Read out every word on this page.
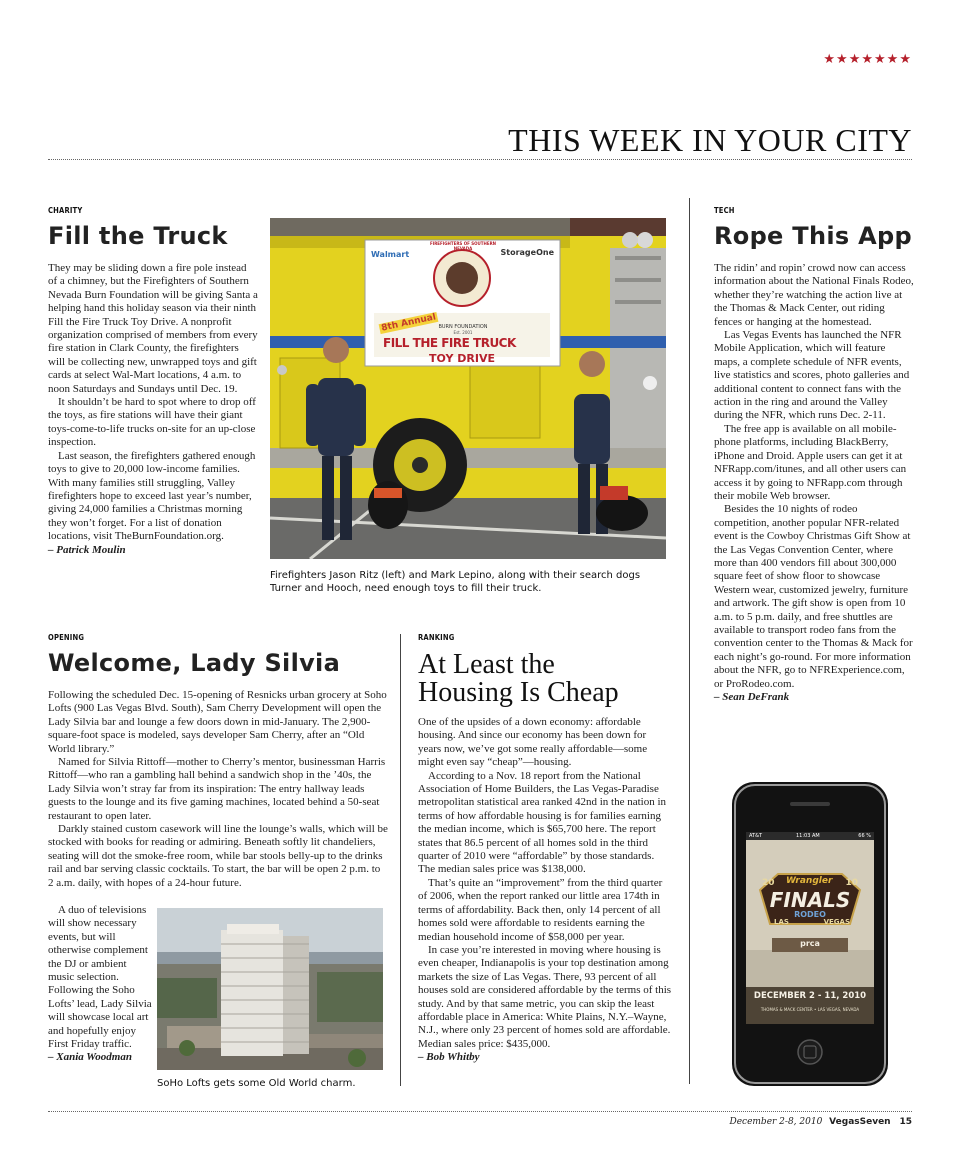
★★★★★★★
THIS WEEK IN YOUR CITY
CHARITY
Fill the Truck

They may be sliding down a fire pole instead of a chimney, but the Firefighters of Southern Nevada Burn Foundation will be giving Santa a helping hand this holiday season via their ninth Fill the Fire Truck Toy Drive. A nonprofit organization comprised of members from every fire station in Clark County, the firefighters will be collecting new, unwrapped toys and gift cards at select Wal-Mart locations, 4 a.m. to noon Saturdays and Sundays until Dec. 19.

It shouldn’t be hard to spot where to drop off the toys, as fire stations will have their giant toys-come-to-life trucks on-site for an up-close inspection.

Last season, the firefighters gathered enough toys to give to 20,000 low-income families. With many families still struggling, Valley firefighters hope to exceed last year’s number, giving 24,000 families a Christmas morning they won’t forget. For a list of donation locations, visit TheBurnFoundation.org.

– Patrick Moulin

Walmart	StorageOne
FIREFIGHTERS OF SOUTHERN NEVADA
BURN FOUNDATION
Est. 2001
8th Annual
FILL THE FIRE TRUCK
TOY DRIVE
Firefighters Jason Ritz (left) and Mark Lepino, along with their search dogs Turner and Hooch, need enough toys to fill their truck.
TECH
Rope This App

The ridin’ and ropin’ crowd now can access information about the National Finals Rodeo, whether they’re watching the action live at the Thomas & Mack Center, out riding fences or hanging at the homestead.

Las Vegas Events has launched the NFR Mobile Application, which will feature maps, a complete schedule of NFR events, live statistics and scores, photo galleries and additional content to connect fans with the action in the ring and around the Valley during the NFR, which runs Dec. 2-11.

The free app is available on all mobile-phone platforms, including BlackBerry, iPhone and Droid. Apple users can get it at NFRapp.com/itunes, and all other users can access it by going to NFRapp.com through their mobile Web browser.

Besides the 10 nights of rodeo competition, another popular NFR-related event is the Cowboy Christmas Gift Show at the Las Vegas Convention Center, where more than 400 vendors fill about 300,000 square feet of show floor to showcase Western wear, customized jewelry, furniture and artwork. The gift show is open from 10 a.m. to 5 p.m. daily, and free shuttles are available to transport rodeo fans from the convention center to the Thomas & Mack for each night’s go-round. For more information about the NFR, go to NFRExperience.com, or ProRodeo.com.

– Sean DeFrank

AT&T	11:03 AM	66 %
20 Wrangler 10
FINALS
RODEO
LAS	VEGAS
prca
DECEMBER 2 - 11, 2010
THOMAS & MACK CENTER • LAS VEGAS, NEVADA
OPENING
Welcome, Lady Silvia

Following the scheduled Dec. 15-opening of Resnicks urban grocery at Soho Lofts (900 Las Vegas Blvd. South), Sam Cherry Development will open the Lady Silvia bar and lounge a few doors down in mid-January. The 2,900-square-foot space is modeled, says developer Sam Cherry, after an “Old World library.”

Named for Silvia Rittoff—mother to Cherry’s mentor, businessman Harris Rittoff—who ran a gambling hall behind a sandwich shop in the ’40s, the Lady Silvia won’t stray far from its inspiration: The entry hallway leads guests to the lounge and its five gaming machines, located behind a 50-seat restaurant to open later.

Darkly stained custom casework will line the lounge’s walls, which will be stocked with books for reading or admiring. Beneath softly lit chandeliers, seating will dot the smoke-free room, while bar stools belly-up to the drinks rail and bar serving classic cocktails. To start, the bar will be open 2 p.m. to 2 a.m. daily, with hopes of a 24-hour future.

A duo of televisions will show necessary events, but will otherwise complement the DJ or ambient music selection. Following the Soho Lofts’ lead, Lady Silvia will showcase local art and hopefully enjoy First Friday traffic.

– Xania Woodman

SoHo Lofts gets some Old World charm.
RANKING
At Least the
Housing Is Cheap

One of the upsides of a down economy: affordable housing. And since our economy has been down for years now, we’ve got some really affordable—some might even say “cheap”—housing.

According to a Nov. 18 report from the National Association of Home Builders, the Las Vegas-Paradise metropolitan statistical area ranked 42nd in the nation in terms of how affordable housing is for families earning the median income, which is $65,700 here. The report states that 86.5 percent of all homes sold in the third quarter of 2010 were “affordable” by those standards. The median sales price was $138,000.

That’s quite an “improvement” from the third quarter of 2006, when the report ranked our little area 174th in terms of affordability. Back then, only 14 percent of all homes sold were affordable to residents earning the median household income of $58,000 per year.

In case you’re interested in moving where housing is even cheaper, Indianapolis is your top destination among markets the size of Las Vegas. There, 93 percent of all houses sold are considered affordable by the terms of this study. And by that same metric, you can skip the least affordable place in America: White Plains, N.Y.–Wayne, N.J., where only 23 percent of homes sold are affordable. Median sales price: $435,000.

– Bob Whitby

December 2-8, 2010 VegasSeven 15
